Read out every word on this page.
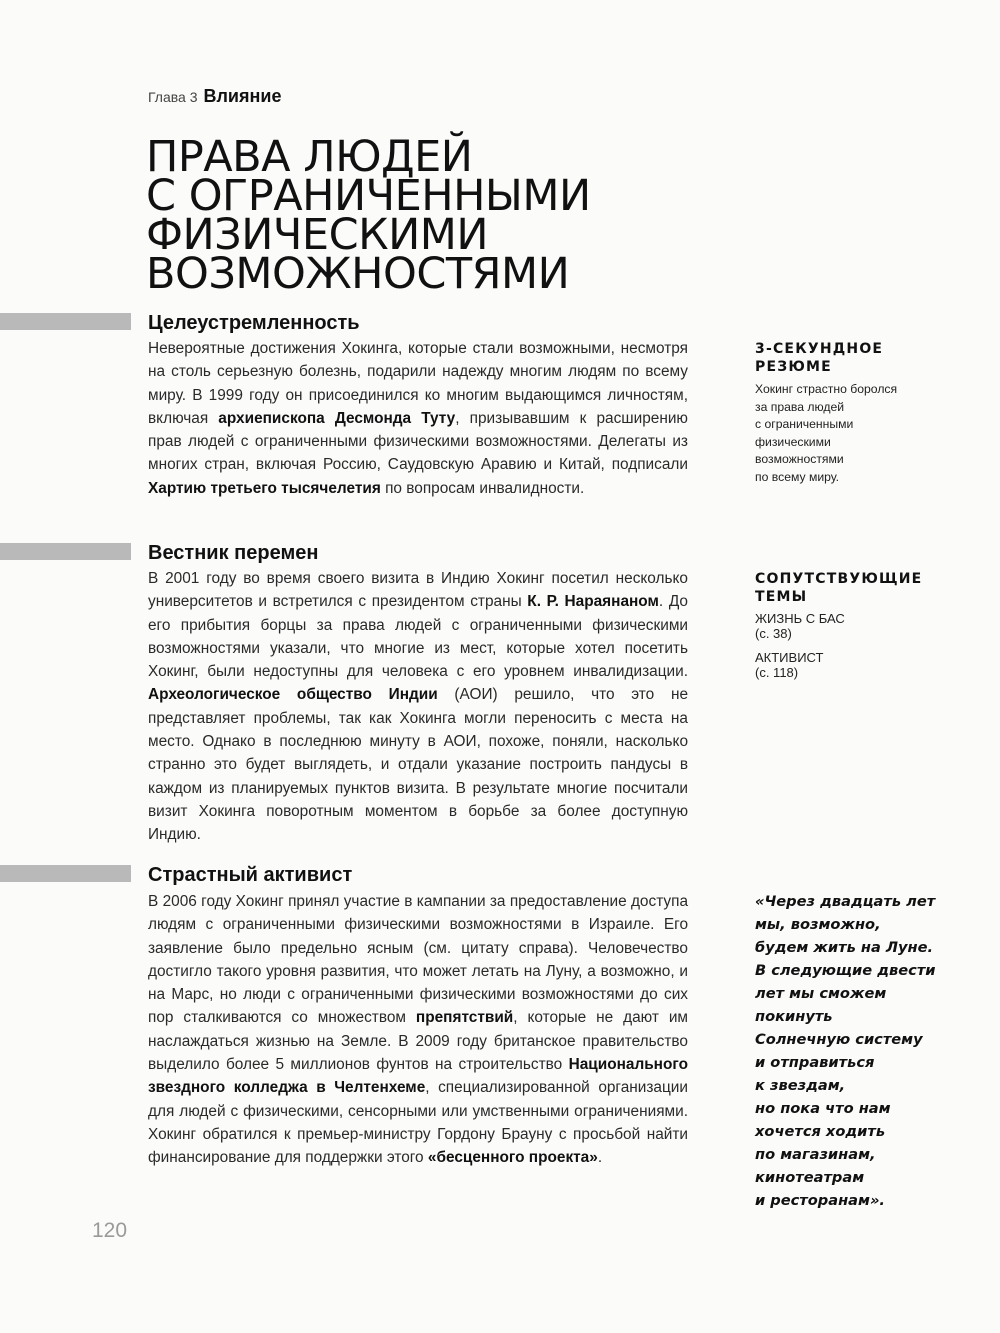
Глава 3 Влияние
ПРАВА ЛЮДЕЙ
С ОГРАНИЧЕННЫМИ
ФИЗИЧЕСКИМИ
ВОЗМОЖНОСТЯМИ
Целеустремленность
Невероятные достижения Хокинга, которые стали возможными, несмотря на столь серьезную болезнь, подарили надежду многим людям по всему миру. В 1999 году он присоединился ко многим выдающимся личностям, включая архиепископа Десмонда Туту, призывавшим к расширению прав людей с ограниченными физическими возможностями. Делегаты из многих стран, включая Россию, Саудовскую Аравию и Китай, подписали Хартию третьего тысячелетия по вопросам инвалидности.
Вестник перемен
В 2001 году во время своего визита в Индию Хокинг посетил несколько университетов и встретился с президентом страны К. Р. Нараянаном. До его прибытия борцы за права людей с ограниченными физическими возможностями указали, что многие из мест, которые хотел посетить Хокинг, были недоступны для человека с его уровнем инвалидизации. Археологическое общество Индии (АОИ) решило, что это не представляет проблемы, так как Хокинга могли переносить с места на место. Однако в последнюю минуту в АОИ, похоже, поняли, насколько странно это будет выглядеть, и отдали указание построить пандусы в каждом из планируемых пунктов визита. В результате многие посчитали визит Хокинга поворотным моментом в борьбе за более доступную Индию.
Страстный активист
В 2006 году Хокинг принял участие в кампании за предоставление доступа людям с ограниченными физическими возможностями в Израиле. Его заявление было предельно ясным (см. цитату справа). Человечество достигло такого уровня развития, что может летать на Луну, а возможно, и на Марс, но люди с ограниченными физическими возможностями до сих пор сталкиваются со множеством препятствий, которые не дают им наслаждаться жизнью на Земле. В 2009 году британское правительство выделило более 5 миллионов фунтов на строительство Национального звездного колледжа в Челтенхеме, специализированной организации для людей с физическими, сенсорными или умственными ограничениями. Хокинг обратился к премьер-министру Гордону Брауну с просьбой найти финансирование для поддержки этого «бесценного проекта».
3-СЕКУНДНОЕ
РЕЗЮМЕ
Хокинг страстно боролся
за права людей
с ограниченными
физическими
возможностями
по всему миру.
СОПУТСТВУЮЩИЕ
ТЕМЫ
ЖИЗНЬ С БАС
(с. 38)
АКТИВИСТ
(с. 118)
«Через двадцать лет
мы, возможно,
будем жить на Луне.
В следующие двести
лет мы сможем
покинуть
Солнечную систему
и отправиться
к звездам,
но пока что нам
хочется ходить
по магазинам,
кинотеатрам
и ресторанам».
120
